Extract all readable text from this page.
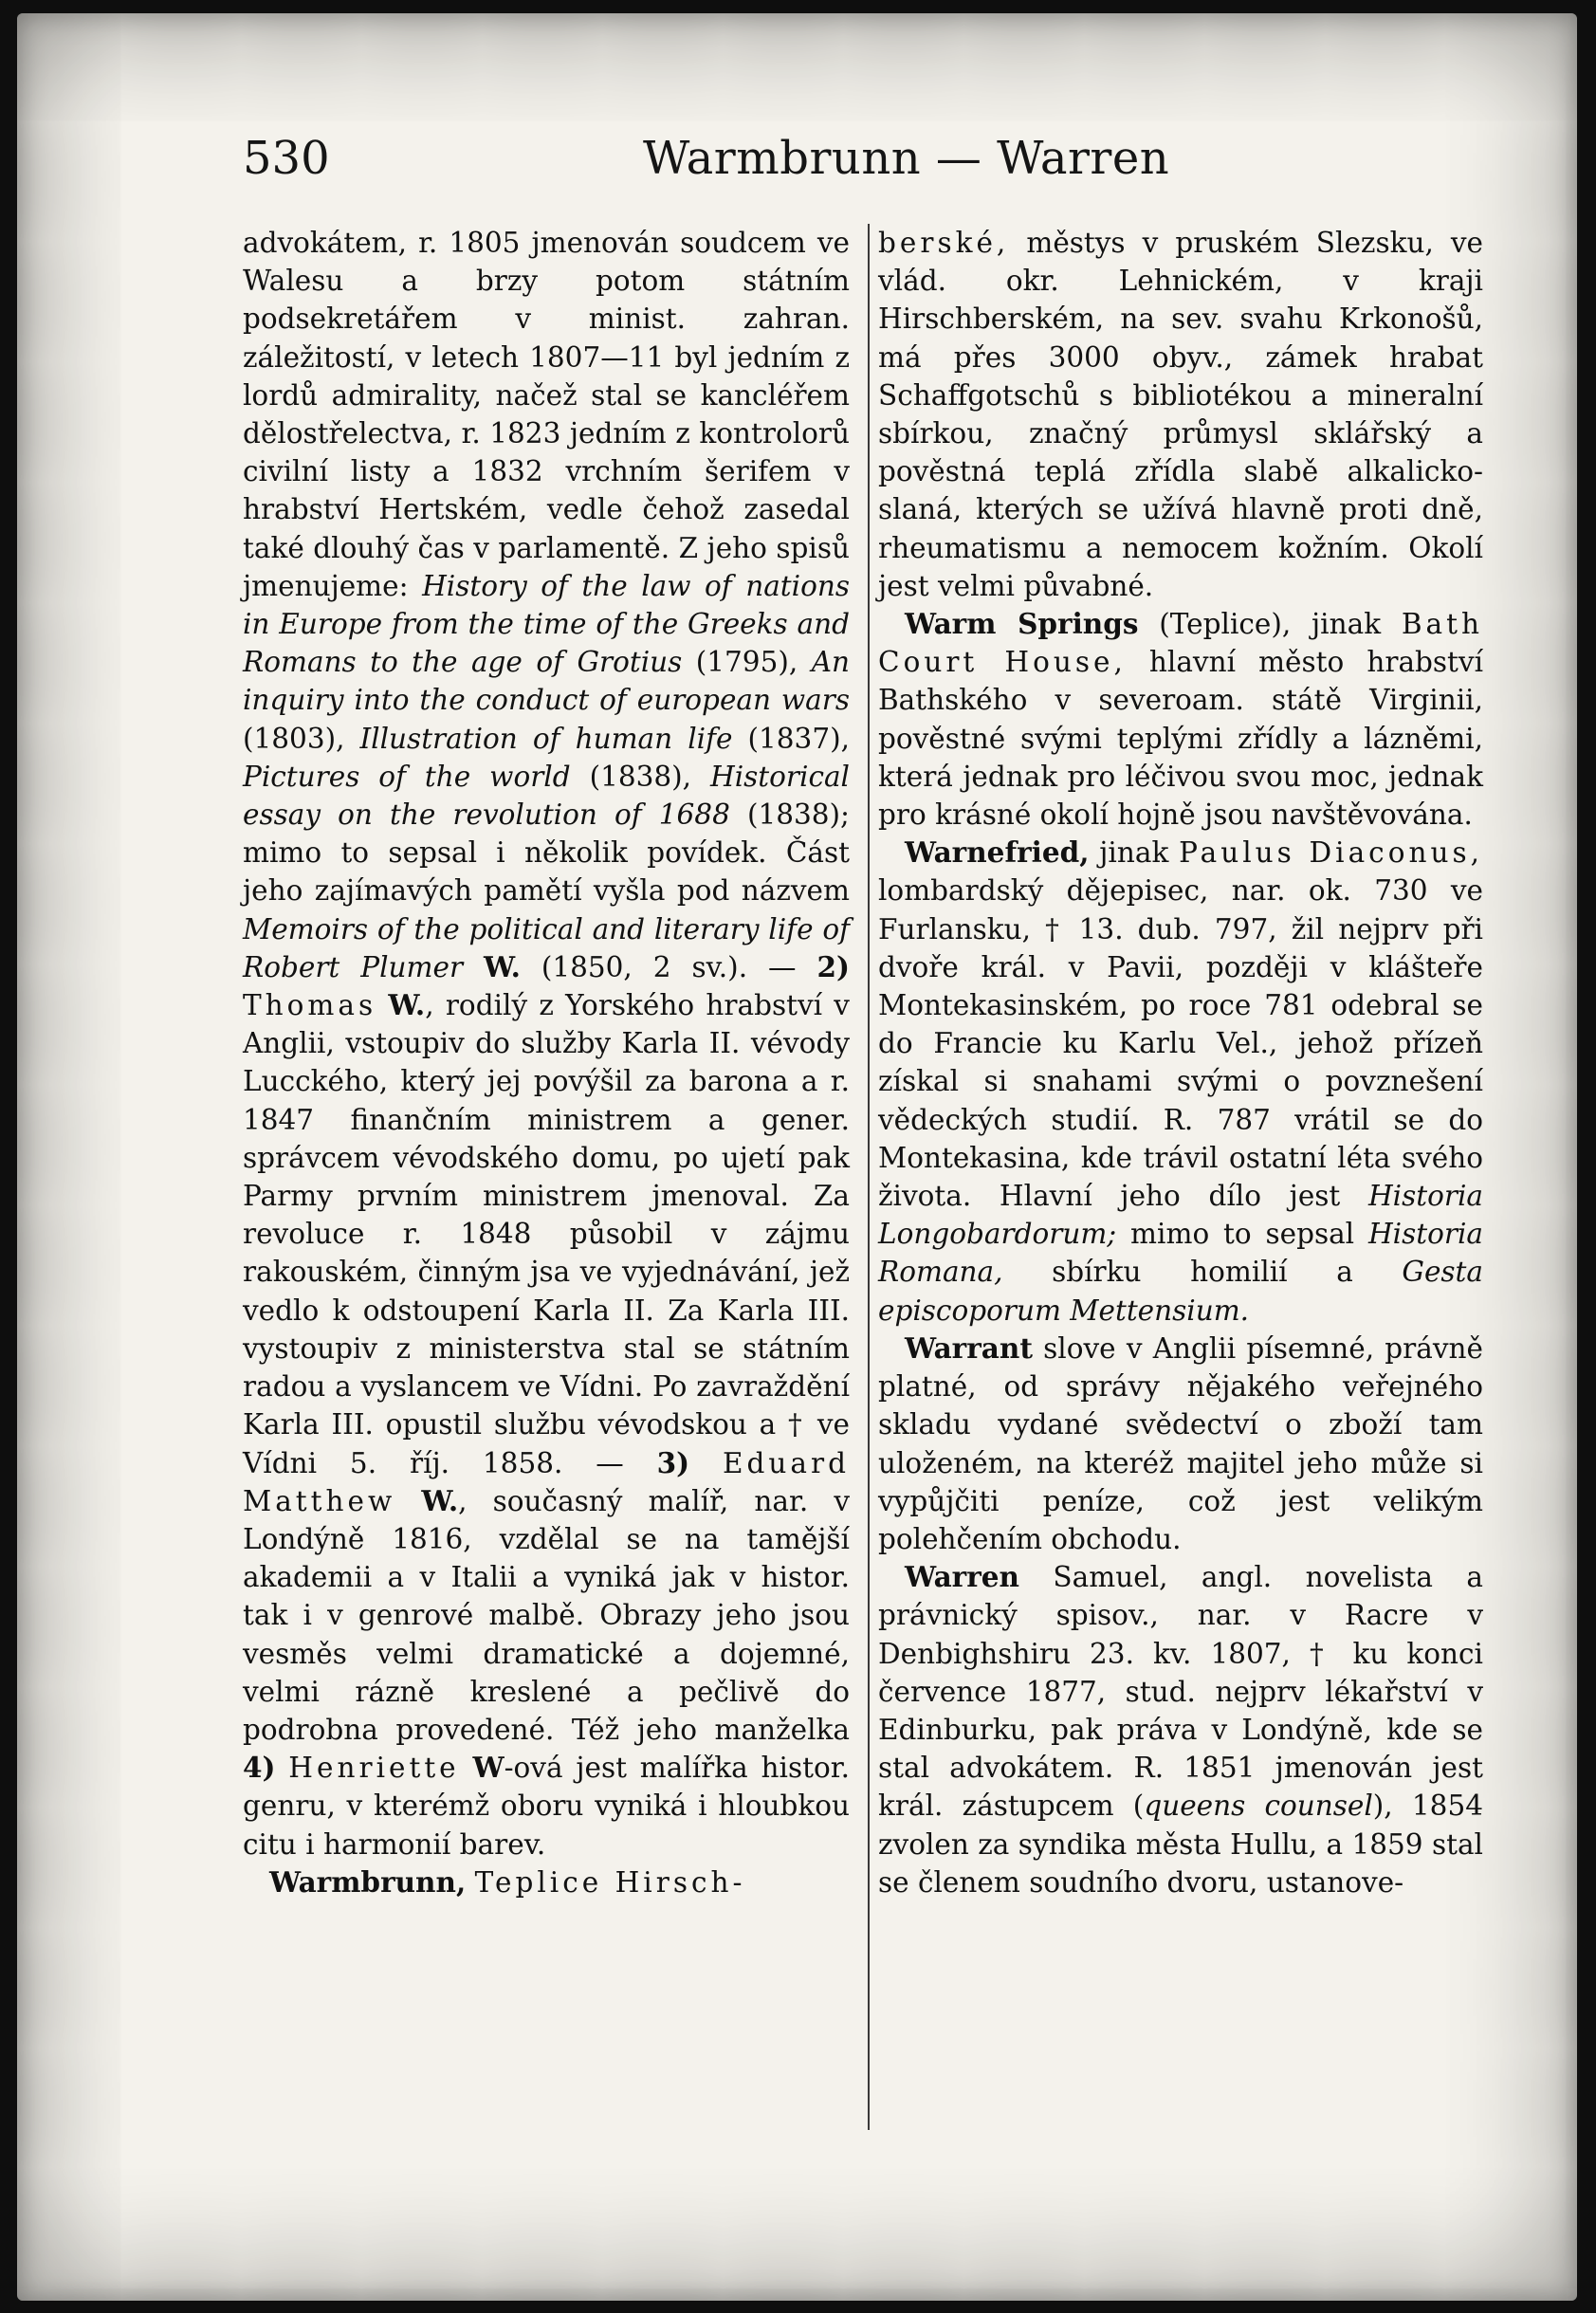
530	Warmbrunn — Warren

advokátem, r. 1805 jmenován soudcem ve Walesu a brzy potom státním podsekretářem v minist. zahran. záležitostí, v letech 1807—11 byl jedním z lordů admirality, načež stal se kancléřem dělostřelectva, r. 1823 jedním z kontrolorů civilní listy a 1832 vrchním šerifem v hrabství Hertském, vedle čehož zasedal také dlouhý čas v parlamentě. Z jeho spisů jmenujeme: History of the law of nations in Europe from the time of the Greeks and Romans to the age of Grotius (1795), An inquiry into the conduct of european wars (1803), Illustration of human life (1837), Pictures of the world (1838), Historical essay on the revolution of 1688 (1838); mimo to sepsal i několik povídek. Část jeho zajímavých pamětí vyšla pod názvem Memoirs of the political and literary life of Robert Plumer W. (1850, 2 sv.). — 2) Thomas W., rodilý z Yorského hrabství v Anglii, vstoupiv do služby Karla II. vévody Lucckého, který jej povýšil za barona a r. 1847 finančním ministrem a gener. správcem vévodského domu, po ujetí pak Parmy prvním ministrem jmenoval. Za revoluce r. 1848 působil v zájmu rakouském, činným jsa ve vyjednávání, jež vedlo k odstoupení Karla II. Za Karla III. vystoupiv z ministerstva stal se státním radou a vyslancem ve Vídni. Po zavraždění Karla III. opustil službu vévodskou a † ve Vídni 5. říj. 1858. — 3) Eduard Matthew W., současný malíř, nar. v Londýně 1816, vzdělal se na tamější akademii a v Italii a vyniká jak v histor. tak i v genrové malbě. Obrazy jeho jsou vesměs velmi dramatické a dojemné, velmi rázně kreslené a pečlivě do podrobna provedené. Též jeho manželka 4) Henriette W-ová jest malířka histor. genru, v kterémž oboru vyniká i hloubkou citu i harmonií barev.

Warmbrunn, Teplice Hirsch-

berské, městys v pruském Slezsku, ve vlád. okr. Lehnickém, v kraji Hirschberském, na sev. svahu Krkonošů, má přes 3000 obyv., zámek hrabat Schaffgotschů s bibliotékou a mineralní sbírkou, značný průmysl sklářský a pověstná teplá zřídla slabě alkalicko-slaná, kterých se užívá hlavně proti dně, rheumatismu a nemocem kožním. Okolí jest velmi půvabné.

Warm Springs (Teplice), jinak Bath Court House, hlavní město hrabství Bathského v severoam. státě Virginii, pověstné svými teplými zřídly a lázněmi, která jednak pro léčivou svou moc, jednak pro krásné okolí hojně jsou navštěvována.

Warnefried, jinak Paulus Diaconus, lombardský dějepisec, nar. ok. 730 ve Furlansku, † 13. dub. 797, žil nejprv při dvoře král. v Pavii, později v klášteře Montekasinském, po roce 781 odebral se do Francie ku Karlu Vel., jehož přízeň získal si snahami svými o povznešení vědeckých studií. R. 787 vrátil se do Montekasina, kde trávil ostatní léta svého života. Hlavní jeho dílo jest Historia Longobardorum; mimo to sepsal Historia Romana, sbírku homilií a Gesta episcoporum Mettensium.

Warrant slove v Anglii písemné, právně platné, od správy nějakého veřejného skladu vydané svědectví o zboží tam uloženém, na kteréž majitel jeho může si vypůjčiti peníze, což jest velikým polehčením obchodu.

Warren Samuel, angl. novelista a právnický spisov., nar. v Racre v Denbighshiru 23. kv. 1807, † ku konci července 1877, stud. nejprv lékařství v Edinburku, pak práva v Londýně, kde se stal advokátem. R. 1851 jmenován jest král. zástupcem (queens counsel), 1854 zvolen za syndika města Hullu, a 1859 stal se členem soudního dvoru, ustanove-
